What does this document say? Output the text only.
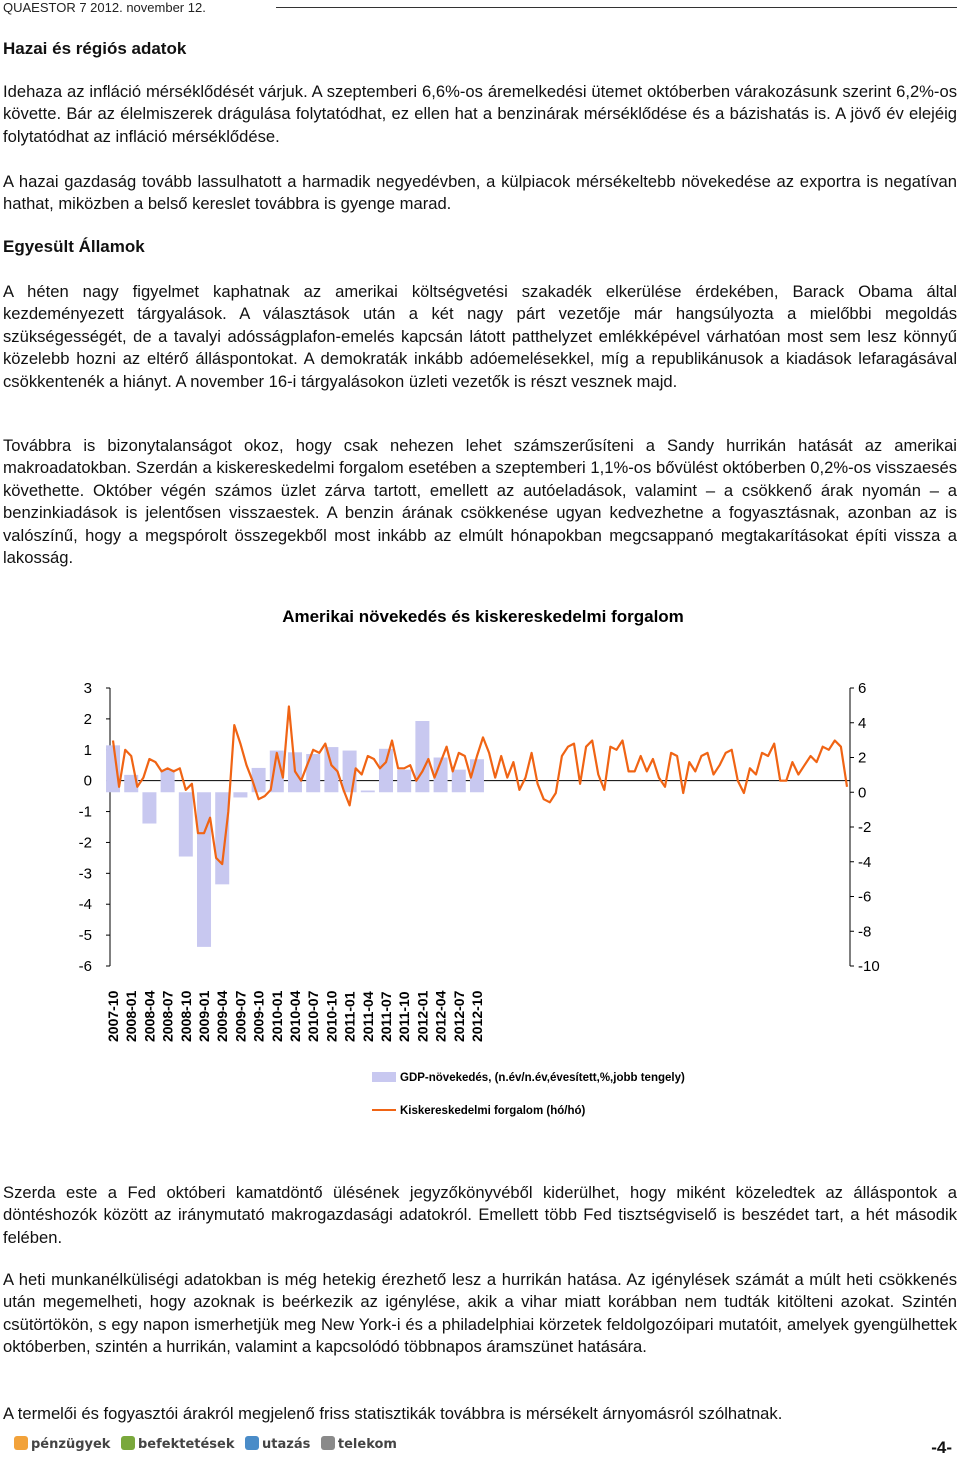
QUAESTOR 7 2012. november 12.
Hazai és régiós adatok

Idehaza az infláció mérséklődését várjuk. A szeptemberi 6,6%-os áremelkedési ütemet októberben várakozásunk szerint 6,2%-os követte. Bár az élelmiszerek drágulása folytatódhat, ez ellen hat a benzinárak mérséklődése és a bázishatás is. A jövő év elejéig folytatódhat az infláció mérséklődése.

A hazai gazdaság tovább lassulhatott a harmadik negyedévben, a külpiacok mérsékeltebb növekedése az exportra is negatívan hathat, miközben a belső kereslet továbbra is gyenge marad.

Egyesült Államok

A héten nagy figyelmet kaphatnak az amerikai költségvetési szakadék elkerülése érdekében, Barack Obama által kezdeményezett tárgyalások. A választások után a két nagy párt vezetője már hangsúlyozta a mielőbbi megoldás szükségességét, de a tavalyi adósságplafon-emelés kapcsán látott patthelyzet emlékképével várhatóan most sem lesz könnyű közelebb hozni az eltérő álláspontokat. A demokraták inkább adóemelésekkel, míg a republikánusok a kiadások lefaragásával csökkentenék a hiányt. A november 16-i tárgyalásokon üzleti vezetők is részt vesznek majd.

Továbbra is bizonytalanságot okoz, hogy csak nehezen lehet számszerűsíteni a Sandy hurrikán hatását az amerikai makroadatokban. Szerdán a kiskereskedelmi forgalom esetében a szeptemberi 1,1%-os bővülést októberben 0,2%-os visszaesés követhette. Október végén számos üzlet zárva tartott, emellett az autóeladások, valamint – a csökkenő árak nyomán – a benzinkiadások is jelentősen visszaestek. A benzin árának csökkenése ugyan kedvezhetne a fogyasztásnak, azonban az is valószínű, hogy a megspórolt összegekből most inkább az elmúlt hónapokban megcsappanó megtakarításokat építi vissza a lakosság.

Amerikai növekedés és kiskereskedelmi forgalom
3
2
1
0
-1
-2
-3
-4
-5
-6
6
4
2
0
-2
-4
-6
-8
-10
2007-10 2008-01 2008-04 2008-07 2008-10 2009-01 2009-04 2009-07 2009-10 2010-01 2010-04 2010-07 2010-10 2011-01 2011-04 2011-07 2011-10 2012-01 2012-04 2012-07 2012-10
GDP-növekedés, (n.év/n.év,évesített,%,jobb tengely)
Kiskereskedelmi forgalom (hó/hó)

Szerda este a Fed októberi kamatdöntő ülésének jegyzőkönyvéből kiderülhet, hogy miként közeledtek az álláspontok a döntéshozók között az iránymutató makrogazdasági adatokról. Emellett több Fed tisztségviselő is beszédet tart, a hét második felében.

A heti munkanélküliségi adatokban is még hetekig érezhető lesz a hurrikán hatása. Az igénylések számát a múlt heti csökkenés után megemelheti, hogy azoknak is beérkezik az igénylése, akik a vihar miatt korábban nem tudták kitölteni azokat. Szintén csütörtökön, s egy napon ismerhetjük meg New York-i és a philadelphiai körzetek feldolgozóipari mutatóit, amelyek gyengülhettek októberben, szintén a hurrikán, valamint a kapcsolódó többnapos áramszünet hatására.

A termelői és fogyasztói árakról megjelenő friss statisztikák továbbra is mérsékelt árnyomásról szólhatnak.

pénzügyek befektetések utazás telekom	-4-
